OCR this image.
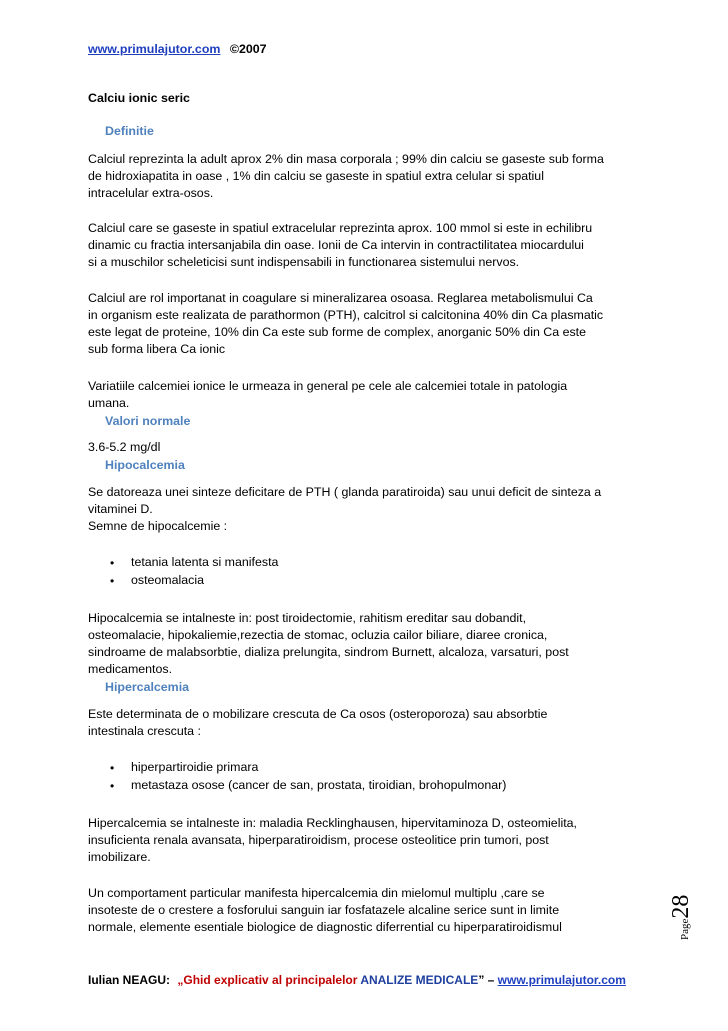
www.primulajutor.com ©2007
Calciu ionic seric
Definitie
Calciul reprezinta la adult aprox 2% din masa corporala ; 99% din calciu se gaseste sub forma
de hidroxiapatita in oase , 1% din calciu se gaseste in spatiul extra celular si spatiul
intracelular extra-osos.
Calciul care se gaseste in spatiul extracelular reprezinta aprox. 100 mmol si este in echilibru
dinamic cu fractia intersanjabila din oase. Ionii de Ca intervin in contractilitatea miocardului
si a muschilor scheleticisi sunt indispensabili in functionarea sistemului nervos.
Calciul are rol importanat in coagulare si mineralizarea osoasa. Reglarea metabolismului Ca
in organism este realizata de parathormon (PTH), calcitrol si calcitonina 40% din Ca plasmatic
este legat de proteine, 10% din Ca este sub forme de complex, anorganic 50% din Ca este
sub forma libera Ca ionic
Variatiile calcemiei ionice le urmeaza in general pe cele ale calcemiei totale in patologia
umana.
Valori normale
3.6-5.2 mg/dl
Hipocalcemia
Se datoreaza unei sinteze deficitare de PTH ( glanda paratiroida) sau unui deficit de sinteza a
vitaminei D.
Semne de hipocalcemie :
• tetania latenta si manifesta
• osteomalacia
Hipocalcemia se intalneste in: post tiroidectomie, rahitism ereditar sau dobandit,
osteomalacie, hipokaliemie,rezectia de stomac, ocluzia cailor biliare, diaree cronica,
sindroame de malabsorbtie, dializa prelungita, sindrom Burnett, alcaloza, varsaturi, post
medicamentos.
Hipercalcemia
Este determinata de o mobilizare crescuta de Ca osos (osteroporoza) sau absorbtie
intestinala crescuta :
• hiperpartiroidie primara
• metastaza osose (cancer de san, prostata, tiroidian, brohopulmonar)
Hipercalcemia se intalneste in: maladia Recklinghausen, hipervitaminoza D, osteomielita,
insuficienta renala avansata, hiperparatiroidism, procese osteolitice prin tumori, post
imobilizare.
Un comportament particular manifesta hipercalcemia din mielomul multiplu ,care se
insoteste de o crestere a fosforului sanguin iar fosfatazele alcaline serice sunt in limite
normale, elemente esentiale biologice de diagnostic diferrential cu hiperparatiroidismul	Page28
Iulian NEAGU: „Ghid explicativ al principalelor ANALIZE MEDICALE” – www.primulajutor.com
